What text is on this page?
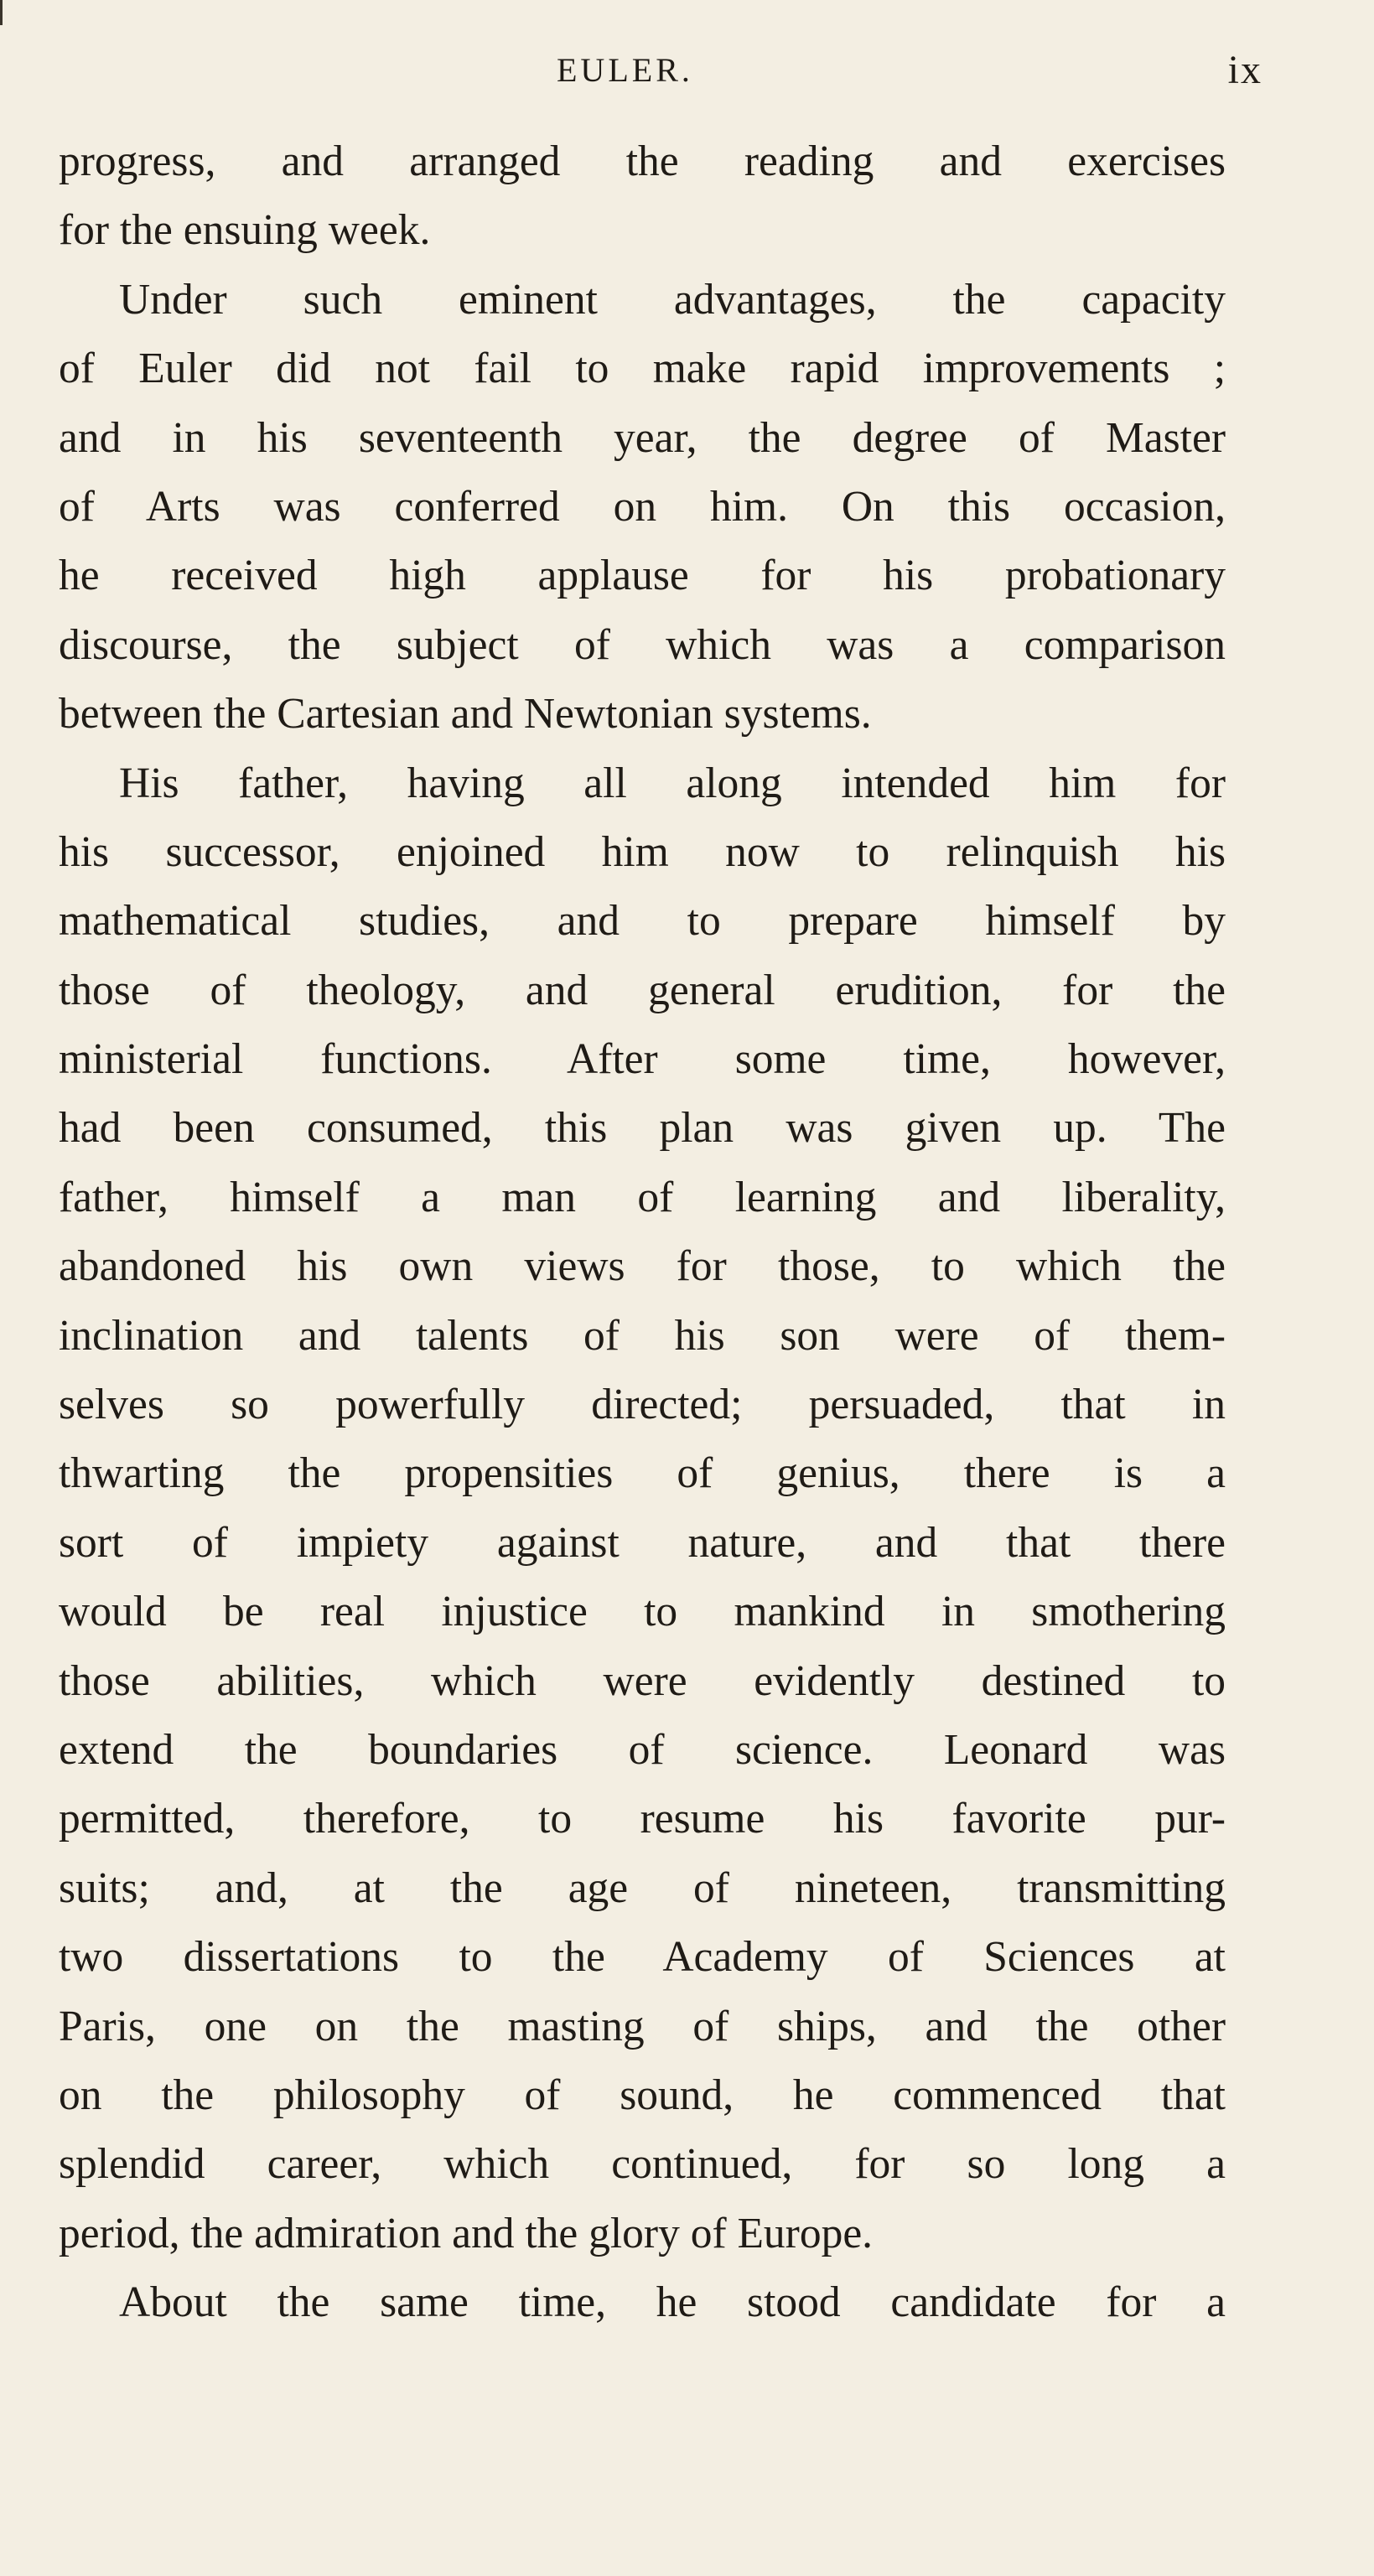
EULER.	ix
progress, and arranged the reading and exercises
for the ensuing week.
Under such eminent advantages, the capacity
of Euler did not fail to make rapid improvements ;
and in his seventeenth year, the degree of Master
of Arts was conferred on him. On this occasion,
he received high applause for his probationary
discourse, the subject of which was a comparison
between the Cartesian and Newtonian systems.
His father, having all along intended him for
his successor, enjoined him now to relinquish his
mathematical studies, and to prepare himself by
those of theology, and general erudition, for the
ministerial functions. After some time, however,
had been consumed, this plan was given up. The
father, himself a man of learning and liberality,
abandoned his own views for those, to which the
inclination and talents of his son were of them-
selves so powerfully directed; persuaded, that in
thwarting the propensities of genius, there is a
sort of impiety against nature, and that there
would be real injustice to mankind in smothering
those abilities, which were evidently destined to
extend the boundaries of science. Leonard was
permitted, therefore, to resume his favorite pur-
suits; and, at the age of nineteen, transmitting
two dissertations to the Academy of Sciences at
Paris, one on the masting of ships, and the other
on the philosophy of sound, he commenced that
splendid career, which continued, for so long a
period, the admiration and the glory of Europe.
About the same time, he stood candidate for a
